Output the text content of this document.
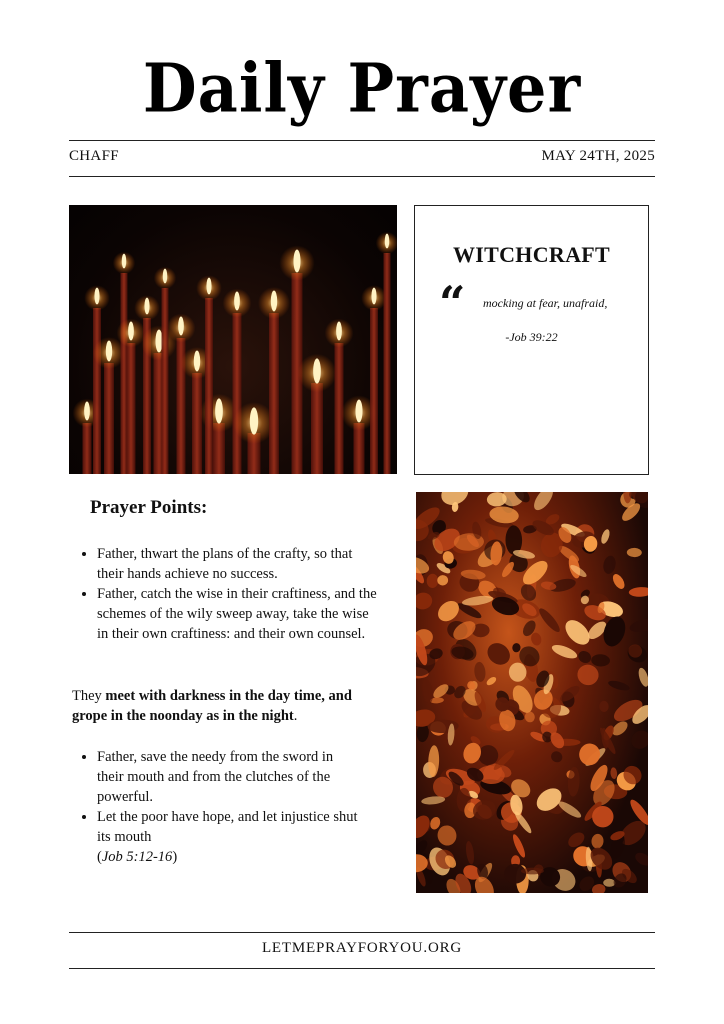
Daily Prayer
CHAFF	MAY 24TH, 2025
WITCHCRAFT
“ mocking at fear, unafraid,
-Job 39:22
Prayer Points:
• Father, thwart the plans of the crafty, so that their hands achieve no success.
• Father, catch the wise in their craftiness, and the schemes of the wily sweep away, take the wise in their own craftiness: and their own counsel.
They meet with darkness in the day time, and grope in the noonday as in the night.
• Father, save the needy from the sword in their mouth and from the clutches of the powerful.
• Let the poor have hope, and let injustice shut its mouth
(Job 5:12-16)
LETMEPRAYFORYOU.ORG
